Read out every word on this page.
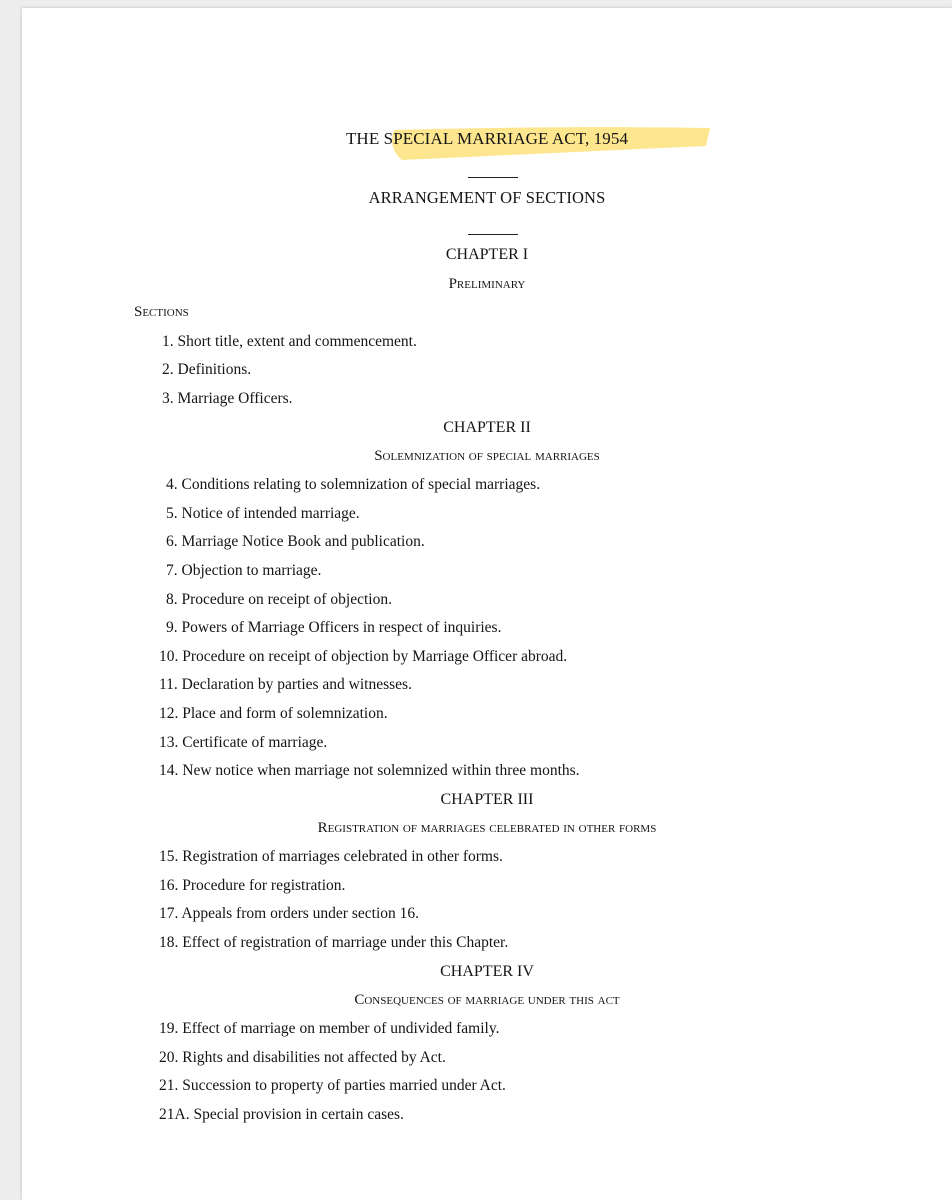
THE SPECIAL MARRIAGE ACT, 1954
ARRANGEMENT OF SECTIONS
CHAPTER I
Preliminary
Sections
1. Short title, extent and commencement.
2. Definitions.
3. Marriage Officers.
CHAPTER II
Solemnization of special marriages
4. Conditions relating to solemnization of special marriages.
5. Notice of intended marriage.
6. Marriage Notice Book and publication.
7. Objection to marriage.
8. Procedure on receipt of objection.
9. Powers of Marriage Officers in respect of inquiries.
10. Procedure on receipt of objection by Marriage Officer abroad.
11. Declaration by parties and witnesses.
12. Place and form of solemnization.
13. Certificate of marriage.
14. New notice when marriage not solemnized within three months.
CHAPTER III
Registration of marriages celebrated in other forms
15. Registration of marriages celebrated in other forms.
16. Procedure for registration.
17. Appeals from orders under section 16.
18. Effect of registration of marriage under this Chapter.
CHAPTER IV
Consequences of marriage under this act
19. Effect of marriage on member of undivided family.
20. Rights and disabilities not affected by Act.
21. Succession to property of parties married under Act.
21A. Special provision in certain cases.
